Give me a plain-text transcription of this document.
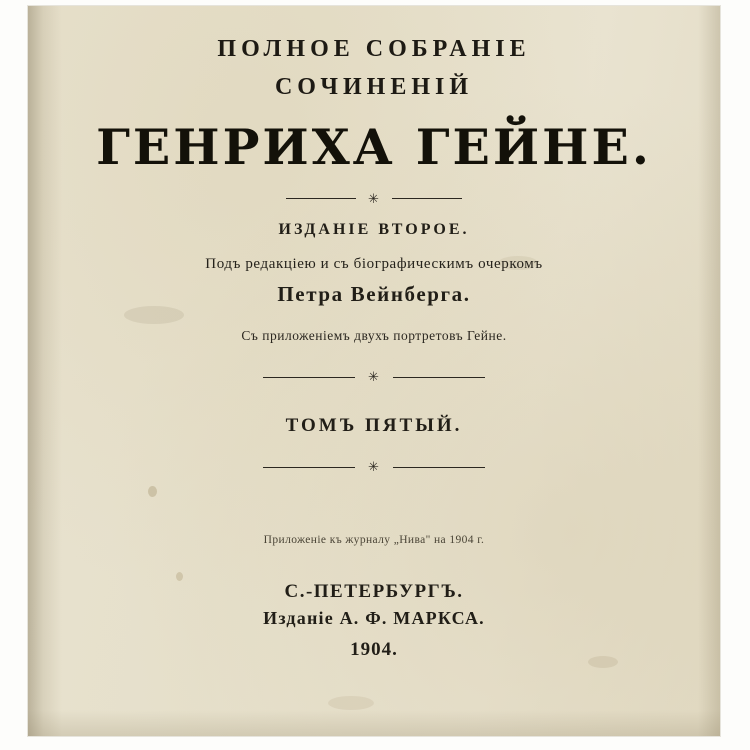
ПОЛНОЕ СОБРАНІЕ
СОЧИНЕНІЙ
ГЕНРИХА ГЕЙНЕ.
✳
ИЗДАНІЕ ВТОРОЕ.
Подъ редакціею и съ біографическимъ очеркомъ
Петра Вейнберга.
Съ приложеніемъ двухъ портретовъ Гейне.
✳
ТОМЪ ПЯТЫЙ.
✳
Приложеніе къ журналу „Нива" на 1904 г.
С.-ПЕТЕРБУРГЪ.
Изданіе А. Ф. МАРКСА.
1904.
